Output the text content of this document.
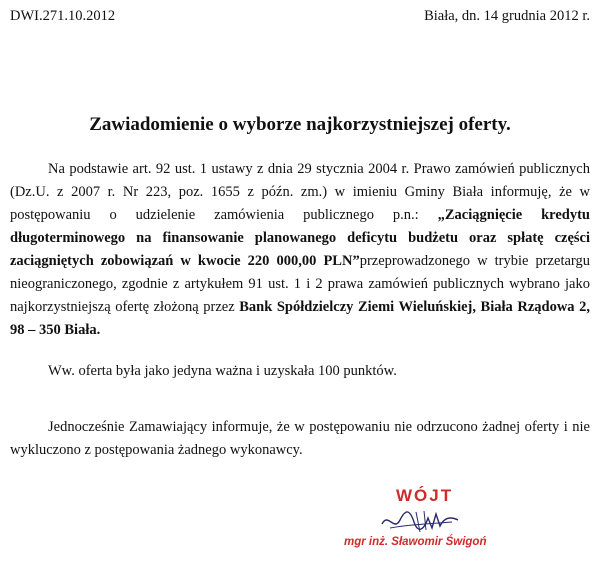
DWI.271.10.2012	Biała, dn. 14 grudnia 2012 r.
Zawiadomienie o wyborze najkorzystniejszej oferty.
Na podstawie art. 92 ust. 1 ustawy z dnia 29 stycznia 2004 r. Prawo zamówień publicznych (Dz.U. z 2007 r. Nr 223, poz. 1655 z późn. zm.) w imieniu Gminy Biała informuję, że w postępowaniu o udzielenie zamówienia publicznego p.n.: „Zaciągnięcie kredytu długoterminowego na finansowanie planowanego deficytu budżetu oraz spłatę części zaciągniętych zobowiązań w kwocie 220 000,00 PLN”przeprowadzonego w trybie przetargu nieograniczonego, zgodnie z artykułem 91 ust. 1 i 2 prawa zamówień publicznych wybrano jako najkorzystniejszą ofertę złożoną przez Bank Spółdzielczy Ziemi Wieluńskiej, Biała Rządowa 2, 98 – 350 Biała.
Ww. oferta była jako jedyna ważna i uzyskała 100 punktów.
Jednocześnie Zamawiający informuje, że w postępowaniu nie odrzucono żadnej oferty i nie wykluczono z postępowania żadnego wykonawcy.
WÓJT
mgr inż. Sławomir Świgoń
